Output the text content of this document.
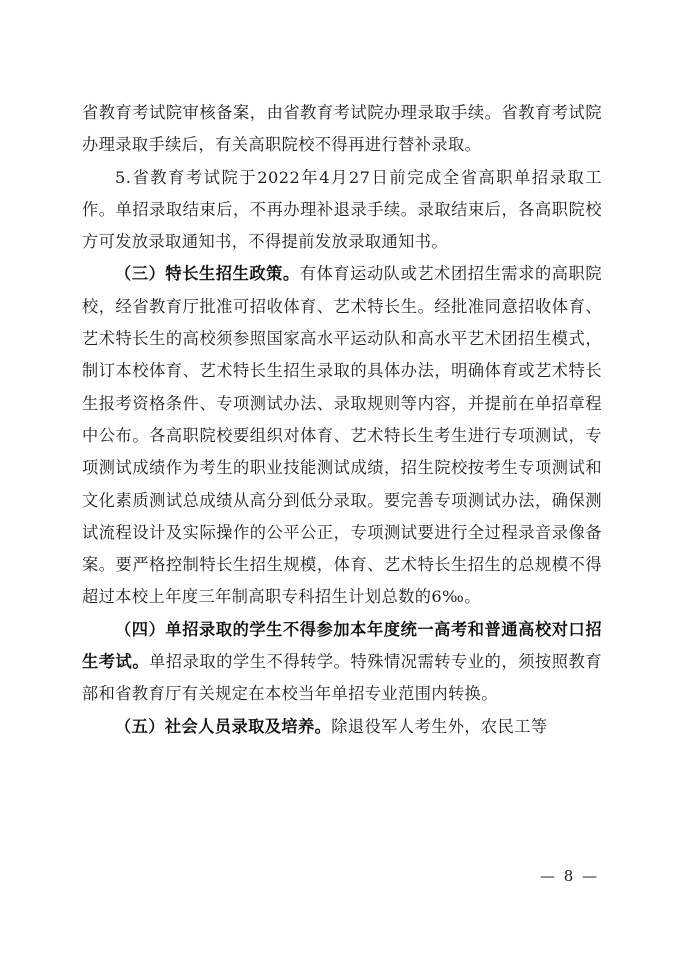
省教育考试院审核备案，由省教育考试院办理录取手续。省教育考试院办理录取手续后，有关高职院校不得再进行替补录取。

5.省教育考试院于2022年4月27日前完成全省高职单招录取工作。单招录取结束后，不再办理补退录手续。录取结束后，各高职院校方可发放录取通知书，不得提前发放录取通知书。

（三）特长生招生政策。有体育运动队或艺术团招生需求的高职院校，经省教育厅批准可招收体育、艺术特长生。经批准同意招收体育、艺术特长生的高校须参照国家高水平运动队和高水平艺术团招生模式，制订本校体育、艺术特长生招生录取的具体办法，明确体育或艺术特长生报考资格条件、专项测试办法、录取规则等内容，并提前在单招章程中公布。各高职院校要组织对体育、艺术特长生考生进行专项测试，专项测试成绩作为考生的职业技能测试成绩，招生院校按考生专项测试和文化素质测试总成绩从高分到低分录取。要完善专项测试办法，确保测试流程设计及实际操作的公平公正，专项测试要进行全过程录音录像备案。要严格控制特长生招生规模，体育、艺术特长生招生的总规模不得超过本校上年度三年制高职专科招生计划总数的6‰。

（四）单招录取的学生不得参加本年度统一高考和普通高校对口招生考试。单招录取的学生不得转学。特殊情况需转专业的，须按照教育部和省教育厅有关规定在本校当年单招专业范围内转换。

（五）社会人员录取及培养。除退役军人考生外，农民工等

— 8 —
